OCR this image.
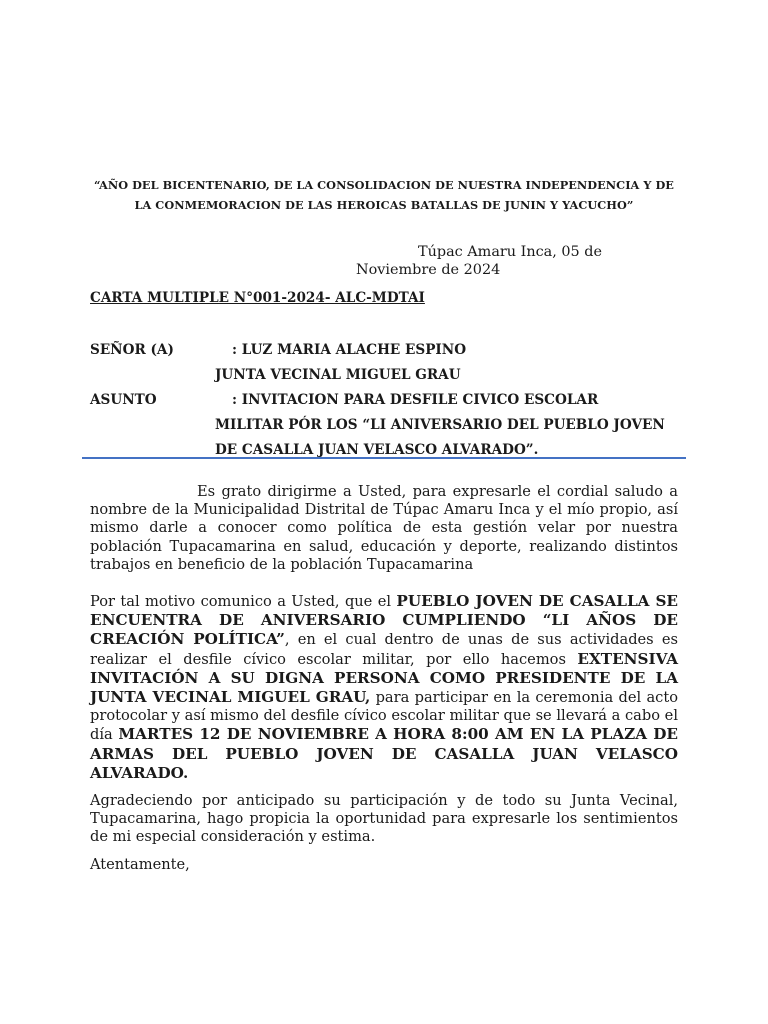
“AÑO DEL BICENTENARIO, DE LA CONSOLIDACION DE NUESTRA INDEPENDENCIA Y DE LA CONMEMORACION DE LAS HEROICAS BATALLAS DE JUNIN Y YACUCHO”
Túpac Amaru Inca, 05 de
Noviembre de 2024
CARTA MULTIPLE N°001-2024- ALC-MDTAI
SEÑOR (A)	: LUZ MARIA ALACHE ESPINO
JUNTA VECINAL MIGUEL GRAU
ASUNTO	: INVITACION PARA DESFILE CIVICO ESCOLAR
MILITAR PÓR LOS “LI ANIVERSARIO DEL PUEBLO JOVEN
DE CASALLA JUAN VELASCO ALVARADO”.

Es grato dirigirme a Usted, para expresarle el cordial saludo a nombre de la Municipalidad Distrital de Túpac Amaru Inca y el mío propio, así mismo darle a conocer como política de esta gestión velar por nuestra población Tupacamarina en salud, educación y deporte, realizando distintos trabajos en beneficio de la población Tupacamarina

Por tal motivo comunico a Usted, que el PUEBLO JOVEN DE CASALLA SE ENCUENTRA DE ANIVERSARIO CUMPLIENDO “LI AÑOS DE CREACIÓN POLÍTICA”, en el cual dentro de unas de sus actividades es realizar el desfile cívico escolar militar, por ello hacemos EXTENSIVA INVITACIÓN A SU DIGNA PERSONA COMO PRESIDENTE DE LA JUNTA VECINAL MIGUEL GRAU, para participar en la ceremonia del acto protocolar y así mismo del desfile cívico escolar militar que se llevará a cabo el día MARTES 12 DE NOVIEMBRE A HORA 8:00 AM EN LA PLAZA DE ARMAS DEL PUEBLO JOVEN DE CASALLA JUAN VELASCO ALVARADO.

Agradeciendo por anticipado su participación y de todo su Junta Vecinal, Tupacamarina, hago propicia la oportunidad para expresarle los sentimientos de mi especial consideración y estima.

Atentamente,
